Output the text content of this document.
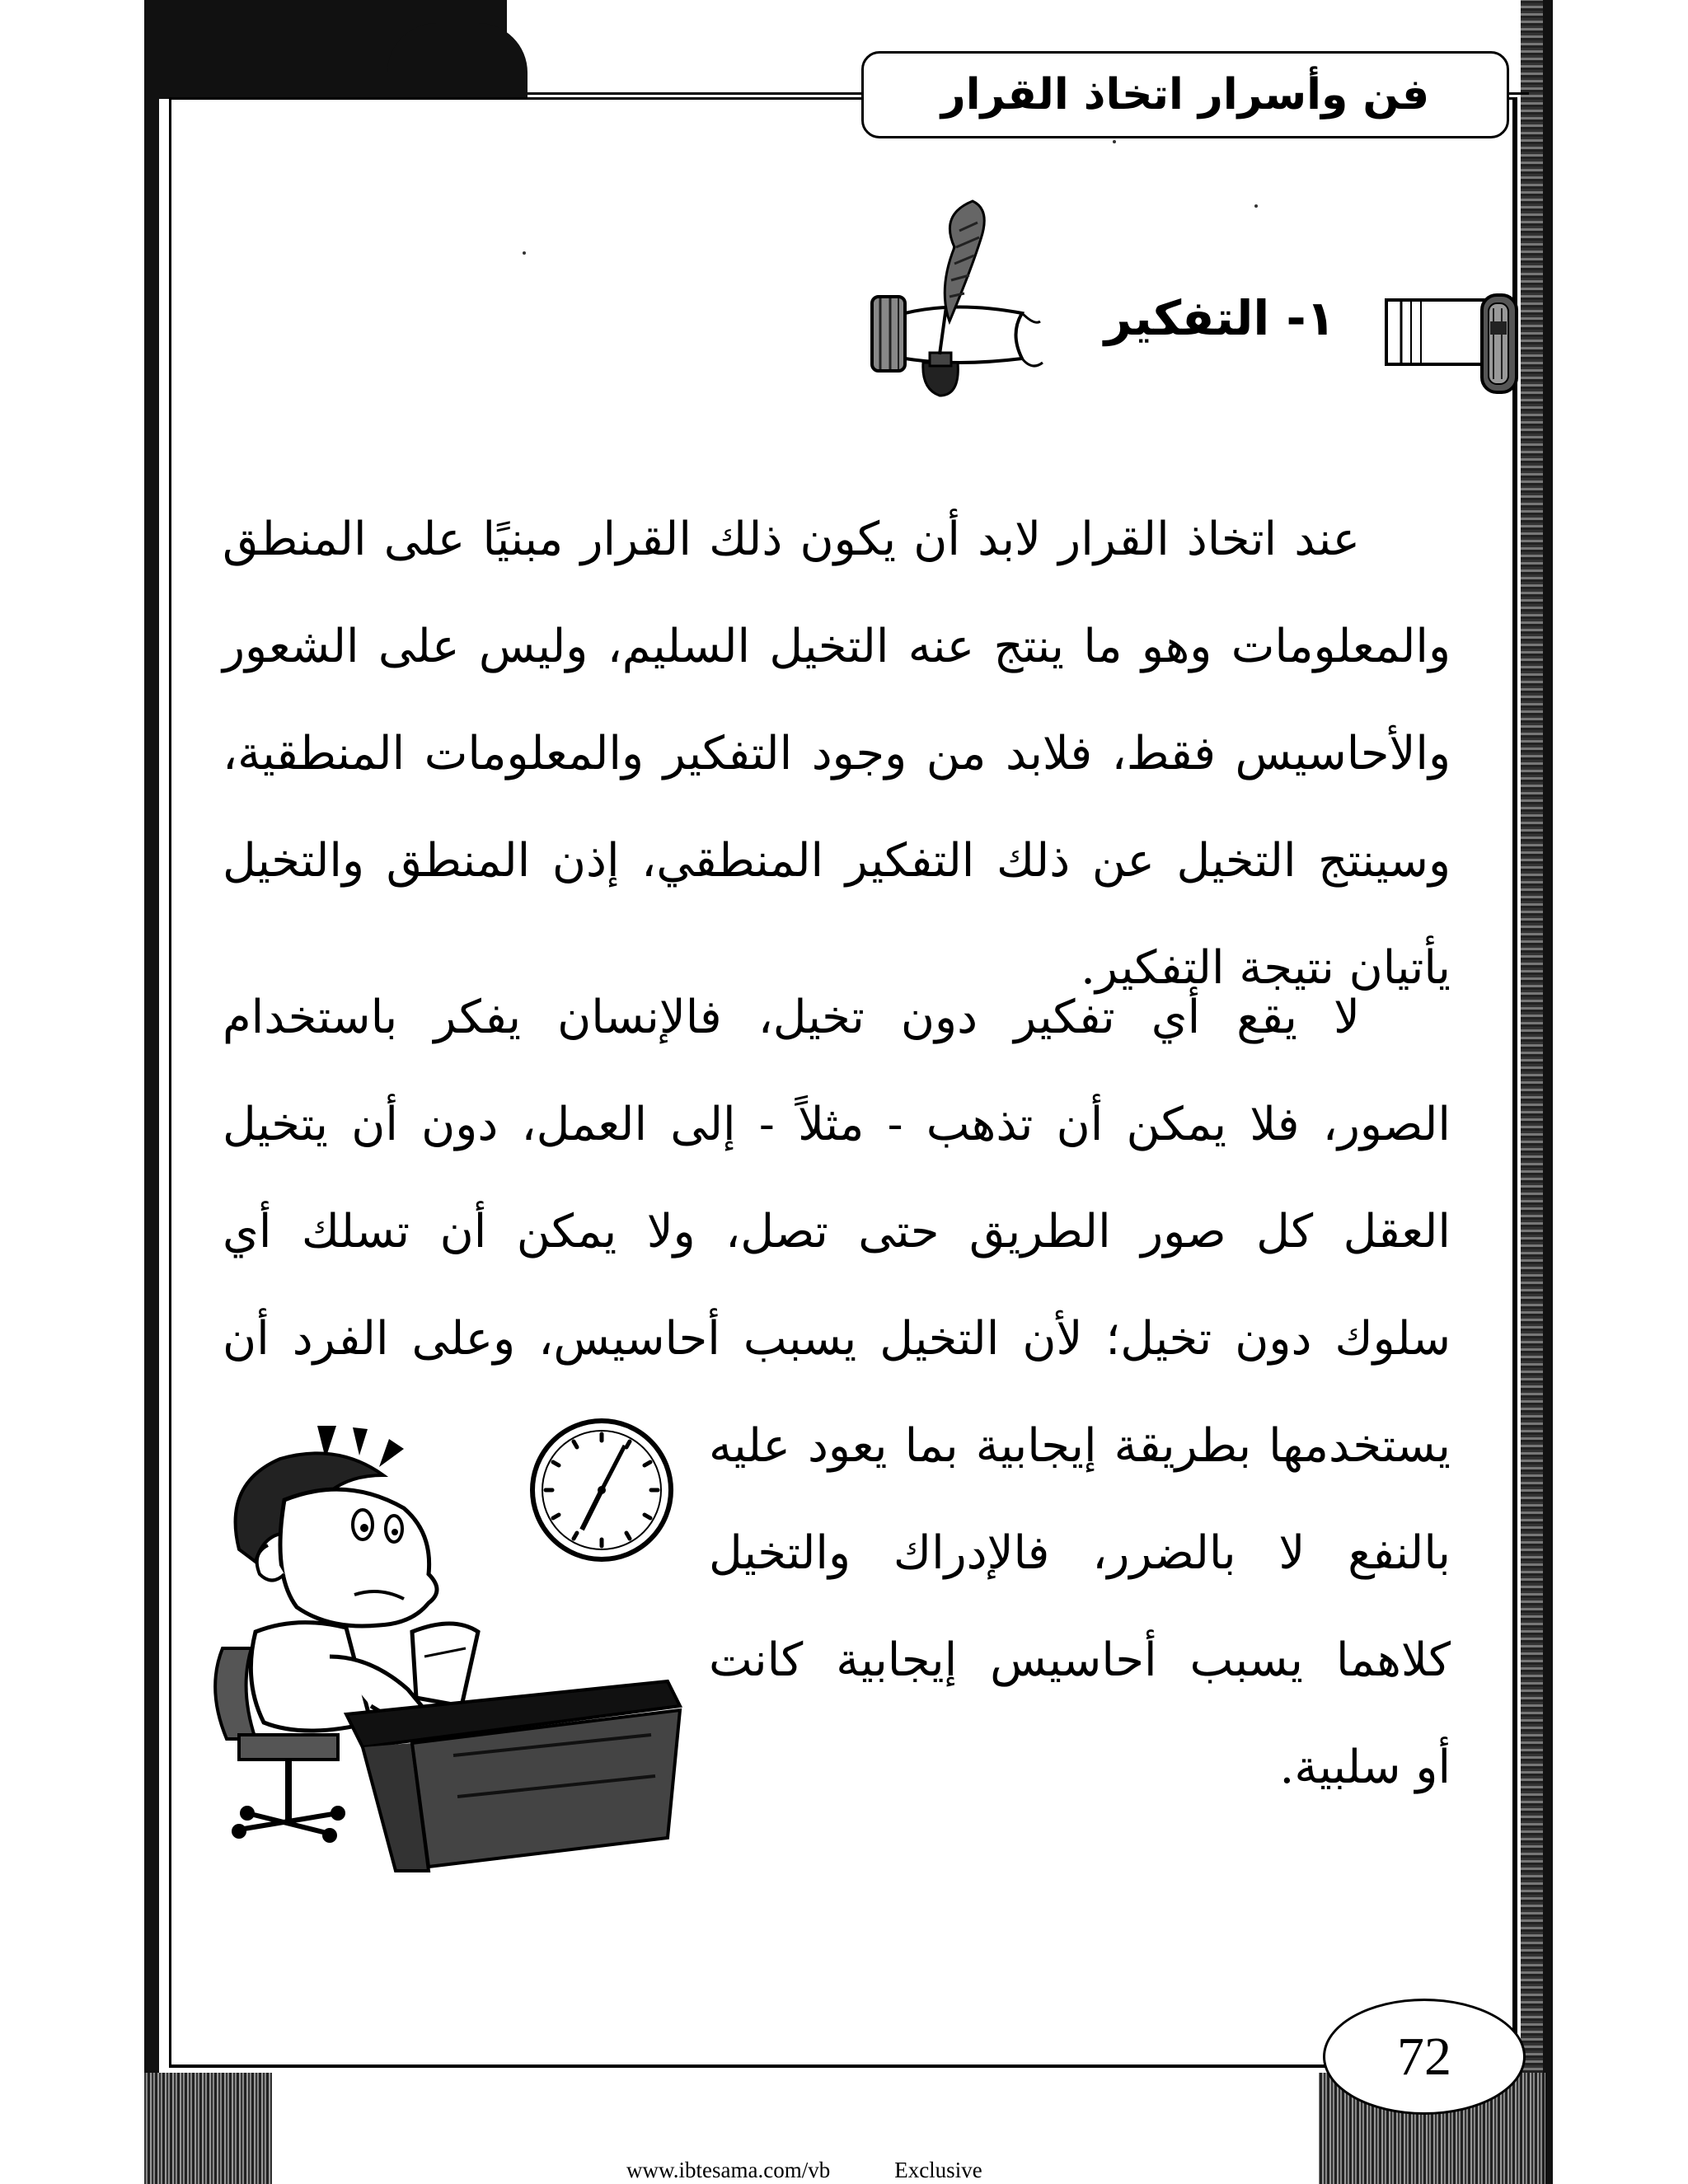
فن وأسرار اتخاذ القرار
١- التفكير
عند اتخاذ القرار لابد أن يكون ذلك القرار مبنيًا على المنطق
والمعلومات وهو ما ينتج عنه التخيل السليم، وليس على الشعور
والأحاسيس فقط، فلابد من وجود التفكير والمعلومات المنطقية،
وسينتج التخيل عن ذلك التفكير المنطقي، إذن المنطق والتخيل
يأتيان نتيجة التفكير.
لا يقع أي تفكير دون تخيل، فالإنسان يفكر باستخدام
الصور، فلا يمكن أن تذهب - مثلاً - إلى العمل، دون أن يتخيل
العقل كل صور الطريق حتى تصل، ولا يمكن أن تسلك أي
سلوك دون تخيل؛ لأن التخيل يسبب أحاسيس، وعلى الفرد أن
يستخدمها بطريقة إيجابية بما يعود عليه
بالنفع لا بالضرر، فالإدراك والتخيل
كلاهما يسبب أحاسيس إيجابية كانت
أو سلبية.
72
www.ibtesama.com/vb	Exclusive
